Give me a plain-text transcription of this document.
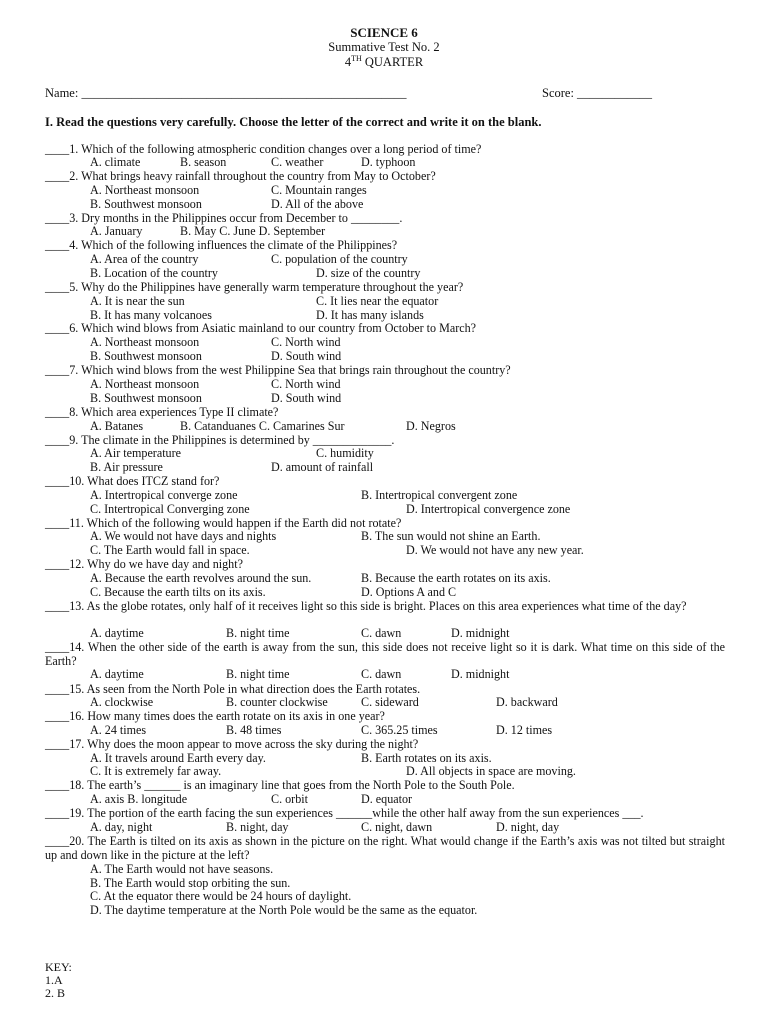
SCIENCE 6
Summative Test No. 2
4TH QUARTER
Name: ____________________________________________________	Score: ____________
I. Read the questions very carefully. Choose the letter of the correct and write it on the blank.
____1. Which of the following atmospheric condition changes over a long period of time?
A. climate	B. season	C. weather	D. typhoon
____2. What brings heavy rainfall throughout the country from May to October?
A. Northeast monsoon	C. Mountain ranges
B. Southwest monsoon	D. All of the above
____3. Dry months in the Philippines occur from December to ________.
A. January	B. May C. June D. September
____4. Which of the following influences the climate of the Philippines?
A. Area of the country	C. population of the country
B. Location of the country	D. size of the country
____5. Why do the Philippines have generally warm temperature throughout the year?
A. It is near the sun	C. It lies near the equator
B. It has many volcanoes	D. It has many islands
____6. Which wind blows from Asiatic mainland to our country from October to March?
A. Northeast monsoon	C. North wind
B. Southwest monsoon	D. South wind
____7. Which wind blows from the west Philippine Sea that brings rain throughout the country?
A. Northeast monsoon	C. North wind
B. Southwest monsoon	D. South wind
____8. Which area experiences Type II climate?
A. Batanes	B. Catanduanes C. Camarines Sur	D. Negros
____9. The climate in the Philippines is determined by _____________.
A. Air temperature	C. humidity
B. Air pressure	D. amount of rainfall
____10. What does ITCZ stand for?
A. Intertropical converge zone	B. Intertropical convergent zone
C. Intertropical Converging zone	D. Intertropical convergence zone
____11. Which of the following would happen if the Earth did not rotate?
A. We would not have days and nights	B. The sun would not shine an Earth.
C. The Earth would fall in space.	D. We would not have any new year.
____12. Why do we have day and night?
A. Because the earth revolves around the sun.	B. Because the earth rotates on its axis.
C. Because the earth tilts on its axis.	D. Options A and C
____13. As the globe rotates, only half of it receives light so this side is bright. Places on this area experiences what time of the day?
A. daytime	B. night time	C. dawn	D. midnight
____14. When the other side of the earth is away from the sun, this side does not receive light so it is dark. What time on this side of the Earth?
A. daytime	B. night time	C. dawn	D. midnight
____15. As seen from the North Pole in what direction does the Earth rotates.
A. clockwise	B. counter clockwise	C. sideward	D. backward
____16. How many times does the earth rotate on its axis in one year?
A. 24 times	B. 48 times	C. 365.25 times	D. 12 times
____17. Why does the moon appear to move across the sky during the night?
A. It travels around Earth every day.	B. Earth rotates on its axis.
C. It is extremely far away.	D. All objects in space are moving.
____18. The earth’s ______ is an imaginary line that goes from the North Pole to the South Pole.
A. axis B. longitude	C. orbit	D. equator
____19. The portion of the earth facing the sun experiences ______while the other half away from the sun experiences ___.
A. day, night	B. night, day	C. night, dawn	D. night, day
____20. The Earth is tilted on its axis as shown in the picture on the right. What would change if the Earth’s axis was not tilted but straight up and down like in the picture at the left?
A. The Earth would not have seasons.
B. The Earth would stop orbiting the sun.
C. At the equator there would be 24 hours of daylight.
D. The daytime temperature at the North Pole would be the same as the equator.
KEY:
1.A
2. B
